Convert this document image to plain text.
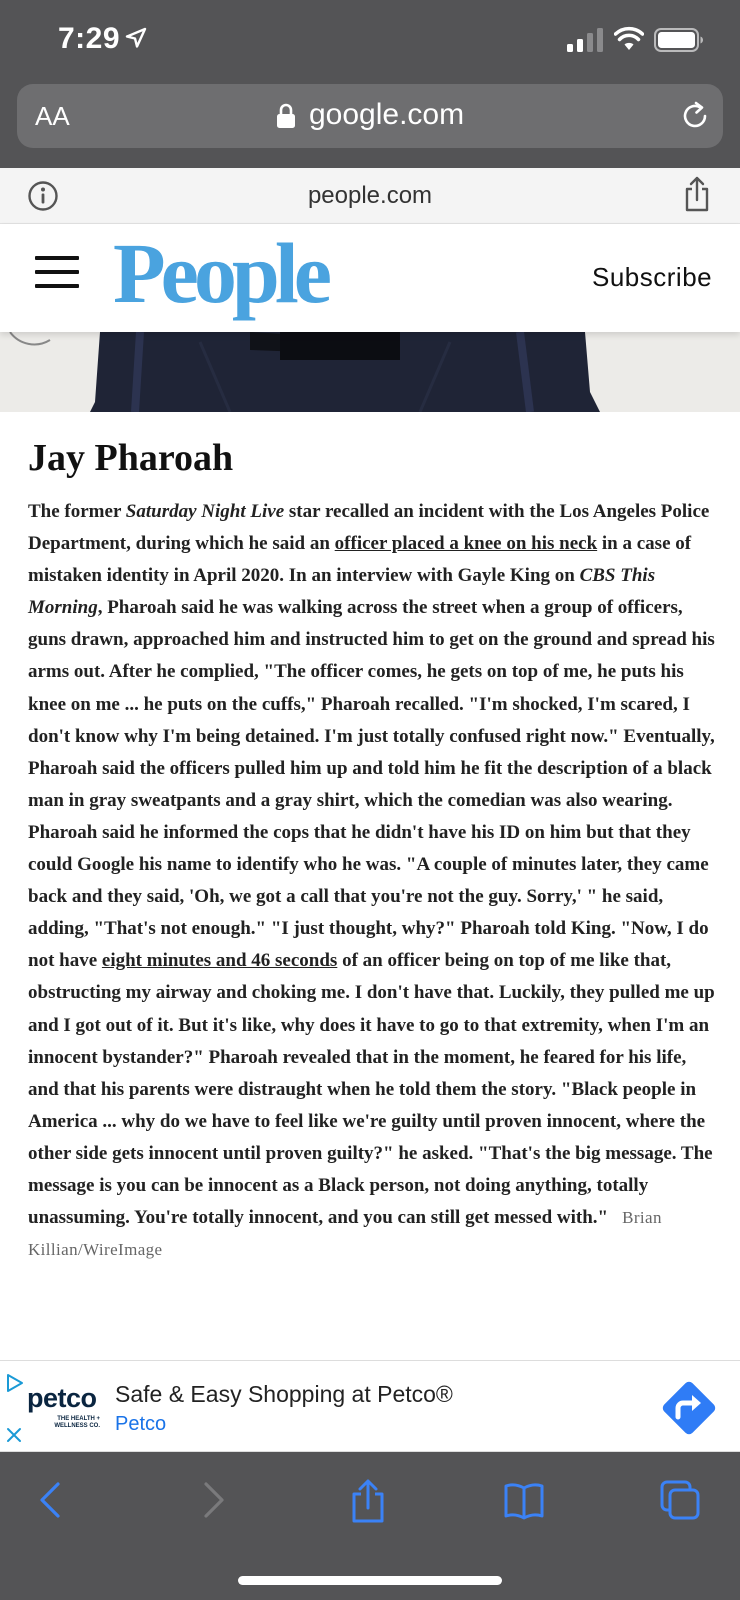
7:29
AA	google.com
people.com
People	Subscribe
Jay Pharoah

The former Saturday Night Live star recalled an incident with the Los Angeles Police Department, during which he said an officer placed a knee on his neck in a case of mistaken identity in April 2020. In an interview with Gayle King on CBS This Morning, Pharoah said he was walking across the street when a group of officers, guns drawn, approached him and instructed him to get on the ground and spread his arms out. After he complied, "The officer comes, he gets on top of me, he puts his knee on me ... he puts on the cuffs," Pharoah recalled. "I'm shocked, I'm scared, I don't know why I'm being detained. I'm just totally confused right now." Eventually, Pharoah said the officers pulled him up and told him he fit the description of a black man in gray sweatpants and a gray shirt, which the comedian was also wearing. Pharoah said he informed the cops that he didn't have his ID on him but that they could Google his name to identify who he was. "A couple of minutes later, they came back and they said, 'Oh, we got a call that you're not the guy. Sorry,' " he said, adding, "That's not enough." "I just thought, why?" Pharoah told King. "Now, I do not have eight minutes and 46 seconds of an officer being on top of me like that, obstructing my airway and choking me. I don't have that. Luckily, they pulled me up and I got out of it. But it's like, why does it have to go to that extremity, when I'm an innocent bystander?" Pharoah revealed that in the moment, he feared for his life, and that his parents were distraught when he told them the story. "Black people in America ... why do we have to feel like we're guilty until proven innocent, where the other side gets innocent until proven guilty?" he asked. "That's the big message. The message is you can be innocent as a Black person, not doing anything, totally unassuming. You're totally innocent, and you can still get messed with." Brian Killian/WireImage

petco
THE HEALTH + WELLNESS CO.
Safe & Easy Shopping at Petco®
Petco
